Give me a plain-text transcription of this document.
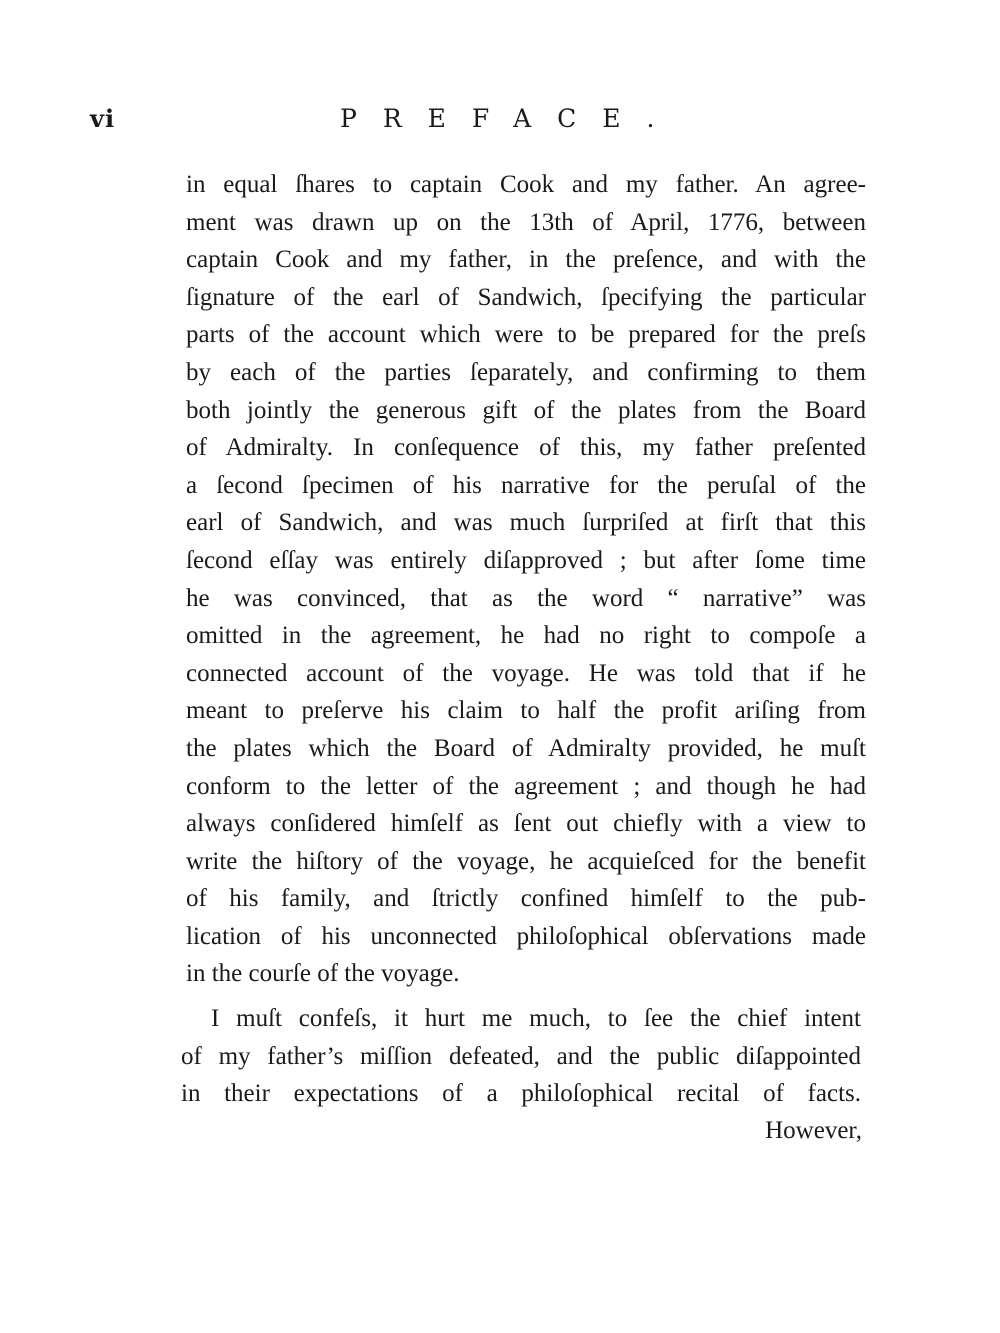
vi	PREFACE.
in equal ſhares to captain Cook and my father. An agree-
ment was drawn up on the 13th of April, 1776, between
captain Cook and my father, in the preſence, and with the
ſignature of the earl of Sandwich, ſpecifying the particular
parts of the account which were to be prepared for the preſs
by each of the parties ſeparately, and confirming to them
both jointly the generous gift of the plates from the Board
of Admiralty. In conſequence of this, my father preſented
a ſecond ſpecimen of his narrative for the peruſal of the
earl of Sandwich, and was much ſurpriſed at firſt that this
ſecond eſſay was entirely diſapproved ; but after ſome time
he was convinced, that as the word “ narrative” was
omitted in the agreement, he had no right to compoſe a
connected account of the voyage. He was told that if he
meant to preſerve his claim to half the profit ariſing from
the plates which the Board of Admiralty provided, he muſt
conform to the letter of the agreement ; and though he had
always conſidered himſelf as ſent out chiefly with a view to
write the hiſtory of the voyage, he acquieſced for the benefit
of his family, and ſtrictly confined himſelf to the pub-
lication of his unconnected philoſophical obſervations made
in the courſe of the voyage.
I muſt confeſs, it hurt me much, to ſee the chief intent
of my father’s miſſion defeated, and the public diſappointed
in their expectations of a philoſophical recital of facts.
However,
